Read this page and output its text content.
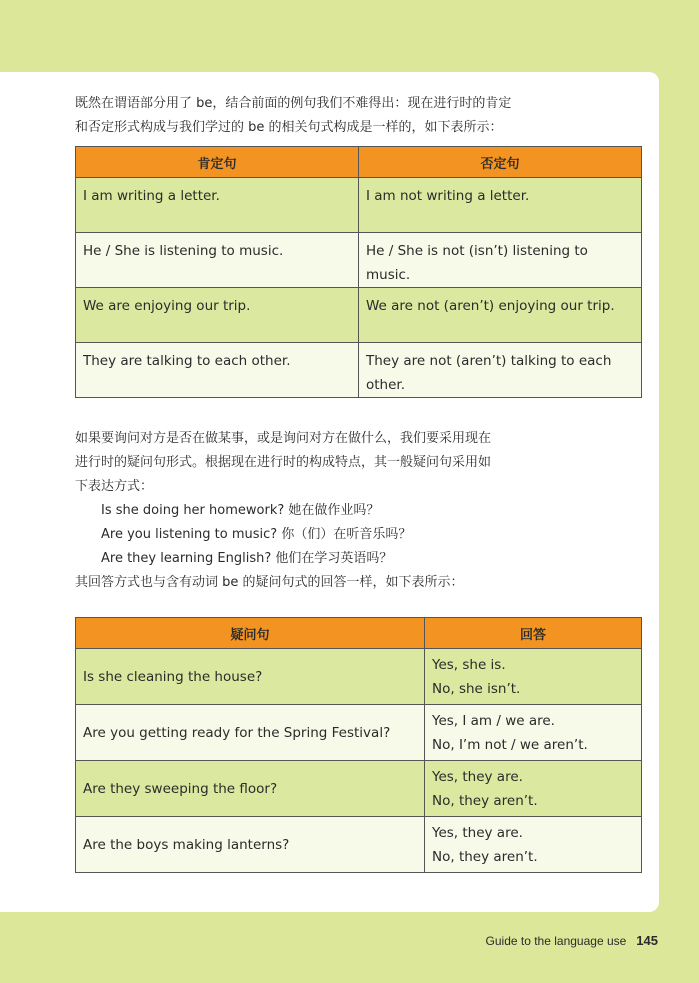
既然在谓语部分用了 be，结合前面的例句我们不难得出：现在进行时的肯定
和否定形式构成与我们学过的 be 的相关句式构成是一样的，如下表所示：

肯定句	否定句
I am writing a letter.	I am not writing a letter.
He / She is listening to music.	He / She is not (isn’t) listening to music.
We are enjoying our trip.	We are not (aren’t) enjoying our trip.
They are talking to each other.	They are not (aren’t) talking to each
other.

如果要询问对方是否在做某事，或是询问对方在做什么，我们要采用现在
进行时的疑问句形式。根据现在进行时的构成特点，其一般疑问句采用如
下表达方式：
Is she doing her homework? 她在做作业吗？
Are you listening to music? 你（们）在听音乐吗？
Are they learning English? 他们在学习英语吗？
其回答方式也与含有动词 be 的疑问句式的回答一样，如下表所示：

疑问句	回答
Is she cleaning the house?	Yes, she is.
No, she isn’t.

Are you getting ready for the Spring Festival?	Yes, I am / we are.
No, I’m not / we aren’t.

Are they sweeping the floor?	Yes, they are.
No, they aren’t.

Are the boys making lanterns?	Yes, they are.
No, they aren’t.
Guide to the language use 145
